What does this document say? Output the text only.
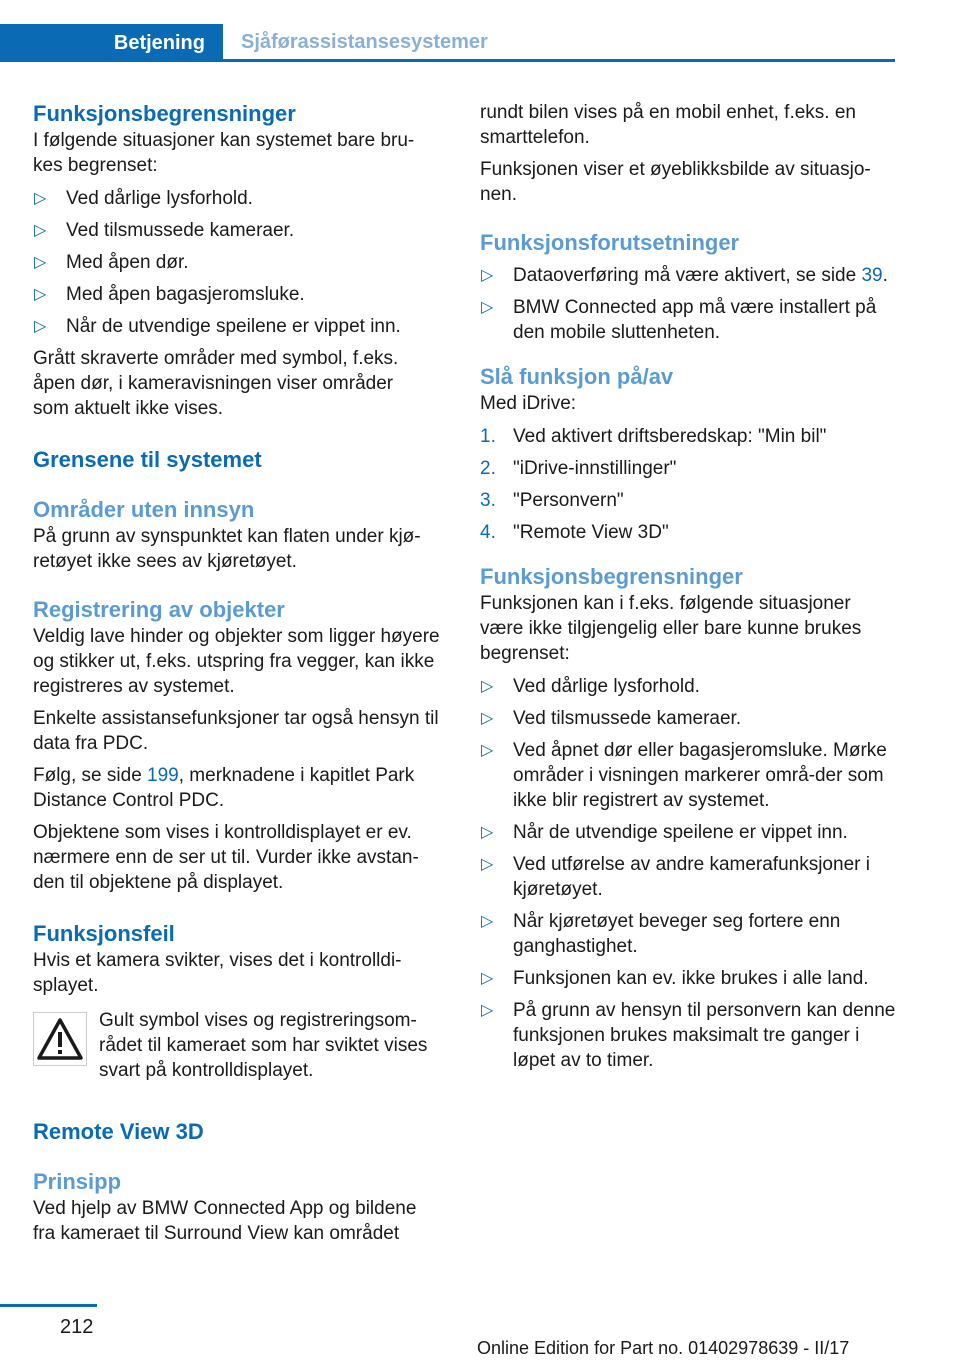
Betjening	Sjåførassistansesystemer
Funksjonsbegrensninger

I følgende situasjoner kan systemet bare bru‐kes begrenset:

▷ Ved dårlige lysforhold.
▷ Ved tilsmussede kameraer.
▷ Med åpen dør.
▷ Med åpen bagasjeromsluke.
▷ Når de utvendige speilene er vippet inn.

Grått skraverte områder med symbol, f.eks. åpen dør, i kameravisningen viser områder som aktuelt ikke vises.

Grensene til systemet
Områder uten innsyn

På grunn av synspunktet kan flaten under kjø‐retøyet ikke sees av kjøretøyet.

Registrering av objekter

Veldig lave hinder og objekter som ligger høyere og stikker ut, f.eks. utspring fra vegger, kan ikke registreres av systemet.

Enkelte assistansefunksjoner tar også hensyn til data fra PDC.

Følg, se side 199, merknadene i kapitlet Park Distance Control PDC.

Objektene som vises i kontrolldisplayet er ev. nærmere enn de ser ut til. Vurder ikke avstan‐den til objektene på displayet.

Funksjonsfeil

Hvis et kamera svikter, vises det i kontrolldi‐splayet.

Gult symbol vises og registreringsom‐rådet til kameraet som har sviktet vises svart på kontrolldisplayet.

Remote View 3D
Prinsipp

Ved hjelp av BMW Connected App og bildene fra kameraet til Surround View kan området

rundt bilen vises på en mobil enhet, f.eks. en smarttelefon.

Funksjonen viser et øyeblikksbilde av situasjo‐nen.

Funksjonsforutsetninger
▷ Dataoverføring må være aktivert, se side 39.
▷ BMW Connected app må være installert på den mobile sluttenheten.
Slå funksjon på/av

Med iDrive:

1. Ved aktivert driftsberedskap: "Min bil"
2. "iDrive-innstillinger"
3. "Personvern"
4. "Remote View 3D"
Funksjonsbegrensninger

Funksjonen kan i f.eks. følgende situasjoner være ikke tilgjengelig eller bare kunne brukes begrenset:

▷ Ved dårlige lysforhold.
▷ Ved tilsmussede kameraer.
▷ Ved åpnet dør eller bagasjeromsluke. Mørke områder i visningen markerer områ‐der som ikke blir registrert av systemet.
▷ Når de utvendige speilene er vippet inn.
▷ Ved utførelse av andre kamerafunksjoner i kjøretøyet.
▷ Når kjøretøyet beveger seg fortere enn ganghastighet.
▷ Funksjonen kan ev. ikke brukes i alle land.
▷ På grunn av hensyn til personvern kan denne funksjonen brukes maksimalt tre ganger i løpet av to timer.
212
Online Edition for Part no. 01402978639 - II/17
